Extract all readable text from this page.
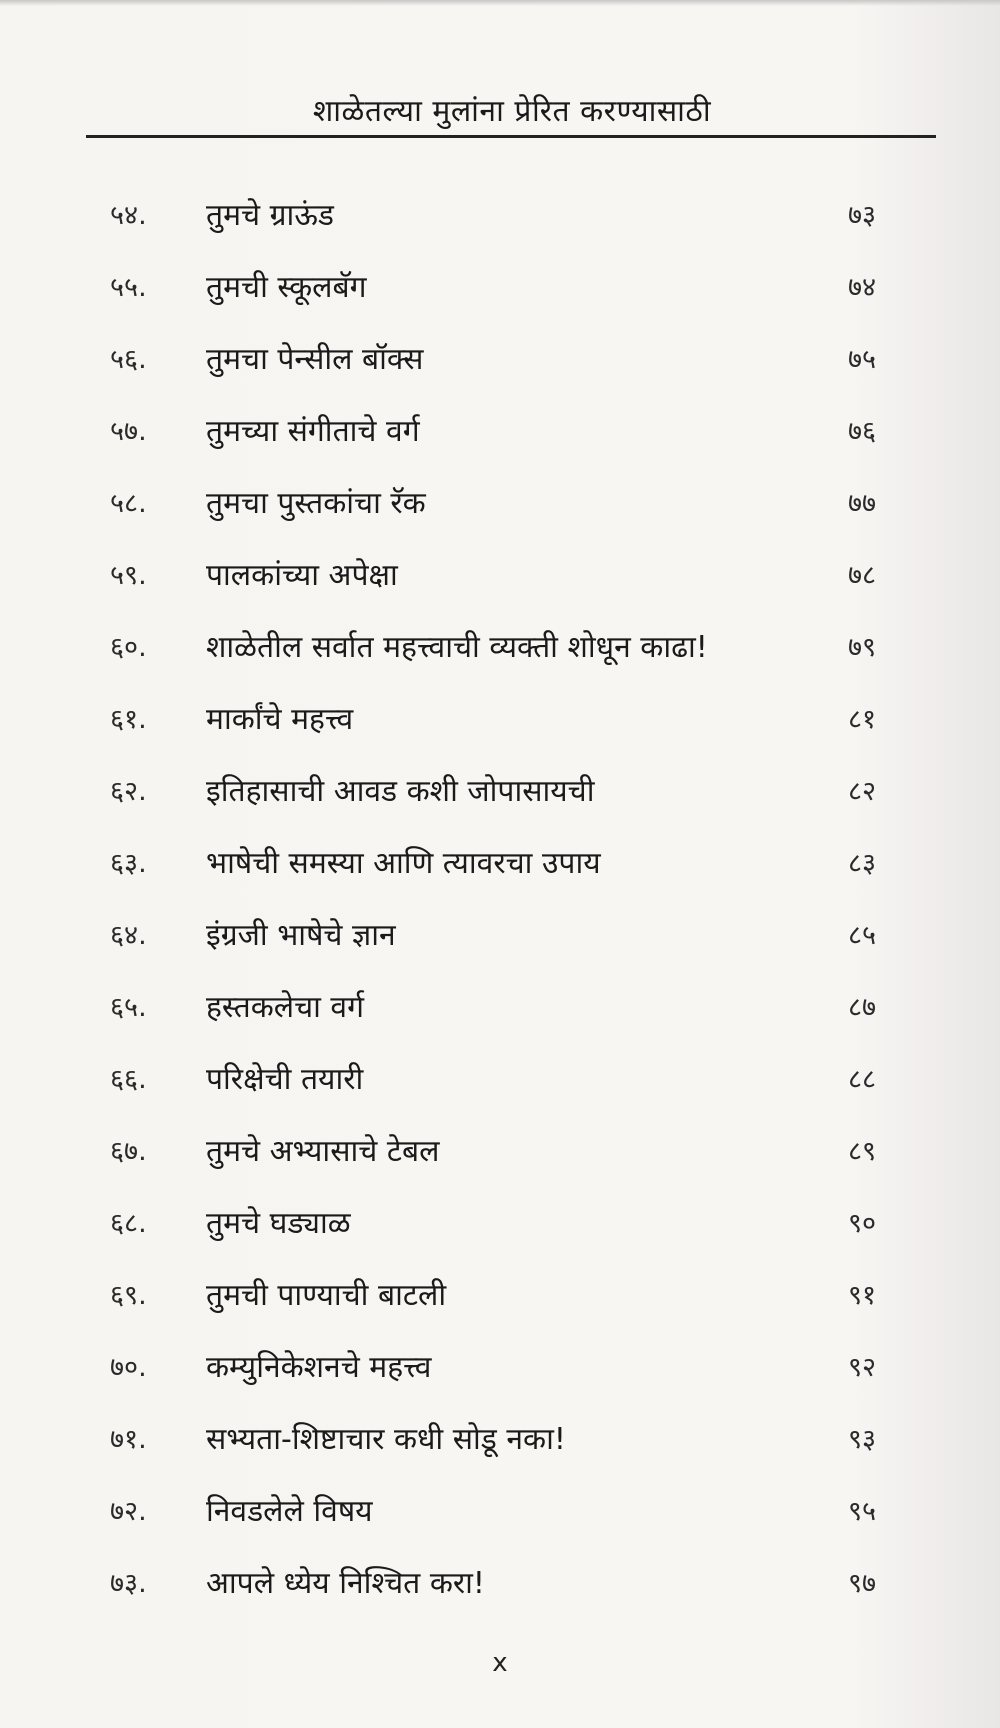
शाळेतल्या मुलांना प्रेरित करण्यासाठी
५४.	तुमचे ग्राऊंड	७३
५५.	तुमची स्कूलबॅग	७४
५६.	तुमचा पेन्सील बॉक्स	७५
५७.	तुमच्या संगीताचे वर्ग	७६
५८.	तुमचा पुस्तकांचा रॅक	७७
५९.	पालकांच्या अपेक्षा	७८
६०.	शाळेतील सर्वात महत्त्वाची व्यक्ती शोधून काढा!	७९
६१.	मार्कांचे महत्त्व	८१
६२.	इतिहासाची आवड कशी जोपासायची	८२
६३.	भाषेची समस्या आणि त्यावरचा उपाय	८३
६४.	इंग्रजी भाषेचे ज्ञान	८५
६५.	हस्तकलेचा वर्ग	८७
६६.	परिक्षेची तयारी	८८
६७.	तुमचे अभ्यासाचे टेबल	८९
६८.	तुमचे घड्याळ	९०
६९.	तुमची पाण्याची बाटली	९१
७०.	कम्युनिकेशनचे महत्त्व	९२
७१.	सभ्यता-शिष्टाचार कधी सोडू नका!	९३
७२.	निवडलेले विषय	९५
७३.	आपले ध्येय निश्चित करा!	९७
x
